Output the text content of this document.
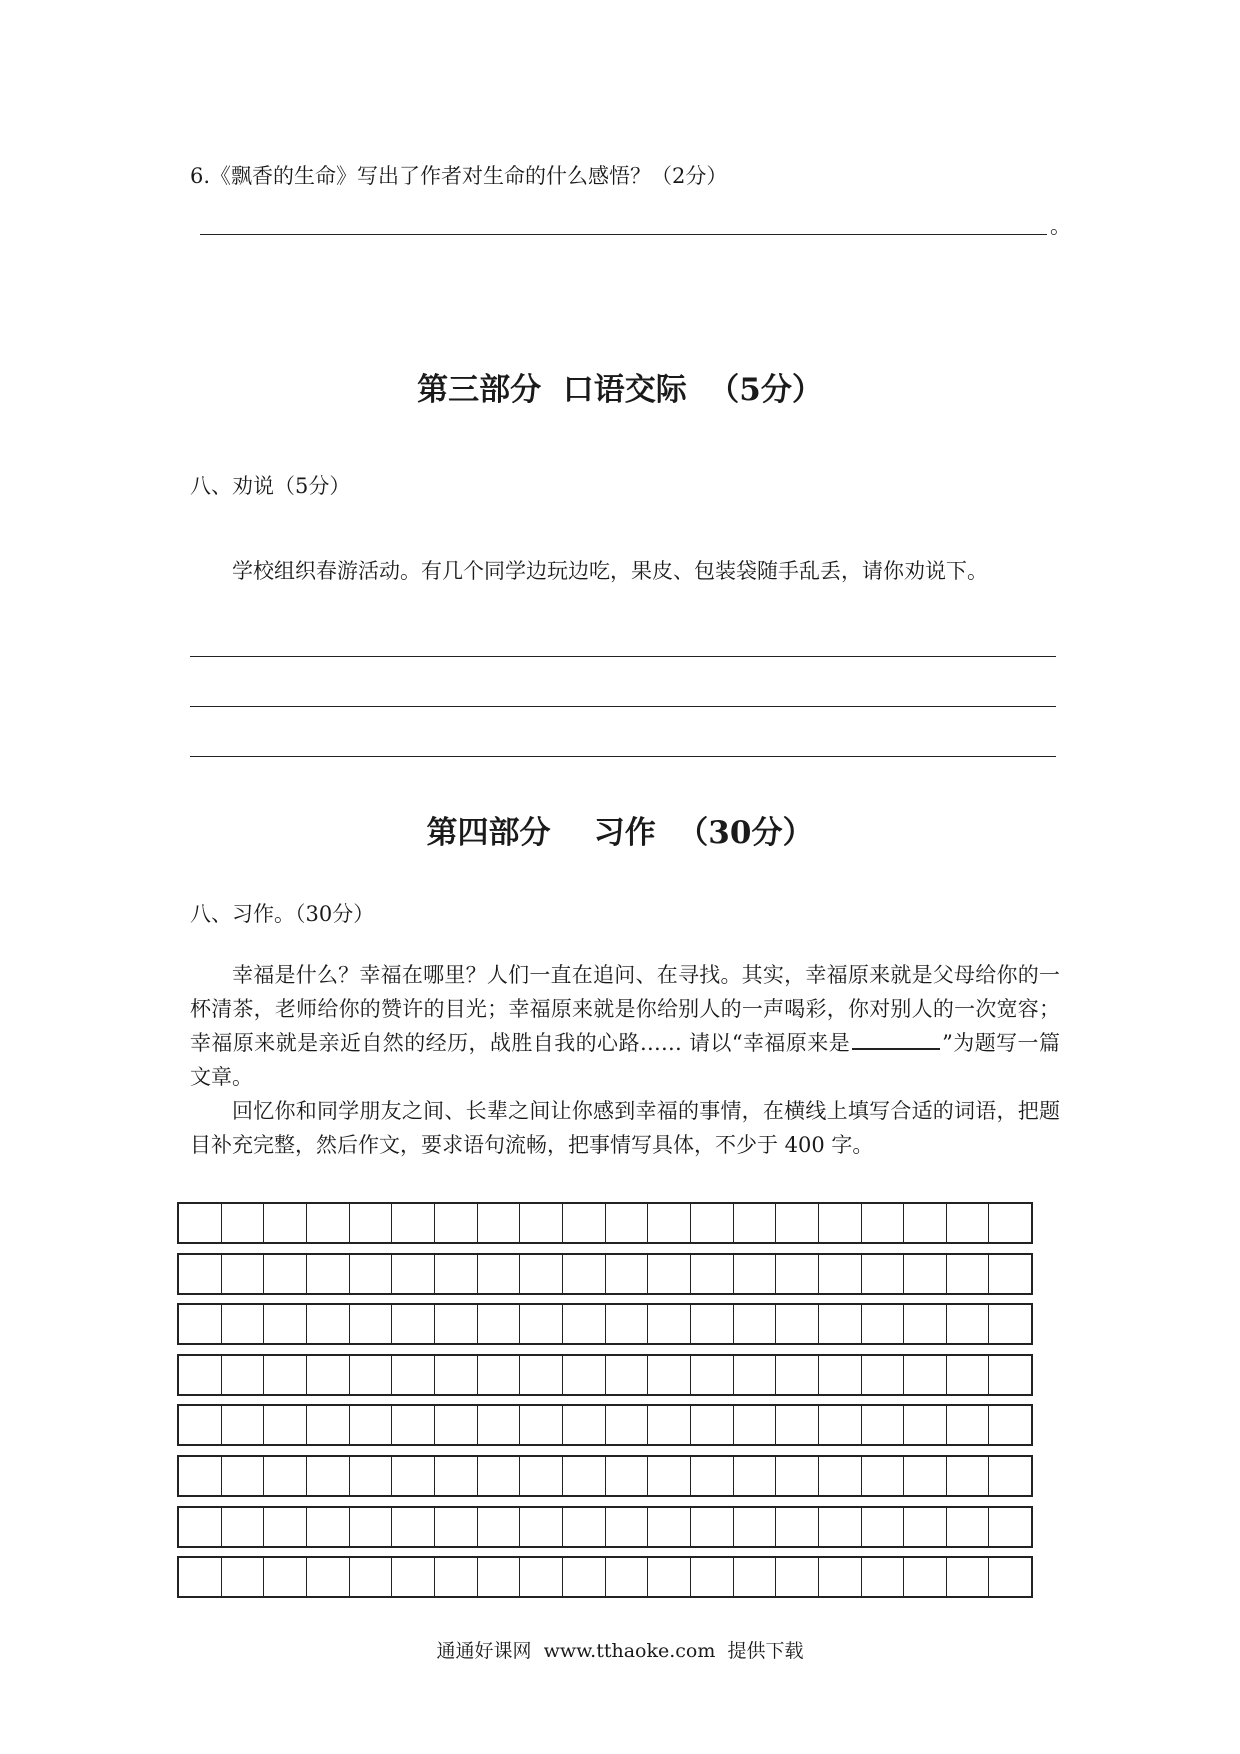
6.《飘香的生命》写出了作者对生命的什么感悟？（2分）
。
第三部分  口语交际  （5分）
八、劝说（5分）
学校组织春游活动。有几个同学边玩边吃，果皮、包装袋随手乱丢，请你劝说下。
第四部分    习作  （30分）
八、习作。（30分）
幸福是什么？幸福在哪里？人们一直在追问、在寻找。其实，幸福原来就是父母给你的一杯清茶，老师给你的赞许的目光；幸福原来就是你给别人的一声喝彩，你对别人的一次宽容；幸福原来就是亲近自然的经历，战胜自我的心路…… 请以“幸福原来是	”为题写一篇文章。
回忆你和同学朋友之间、长辈之间让你感到幸福的事情，在横线上填写合适的词语，把题目补充完整，然后作文，要求语句流畅，把事情写具体，不少于 400 字。
通通好课网  www.tthaoke.com  提供下载
